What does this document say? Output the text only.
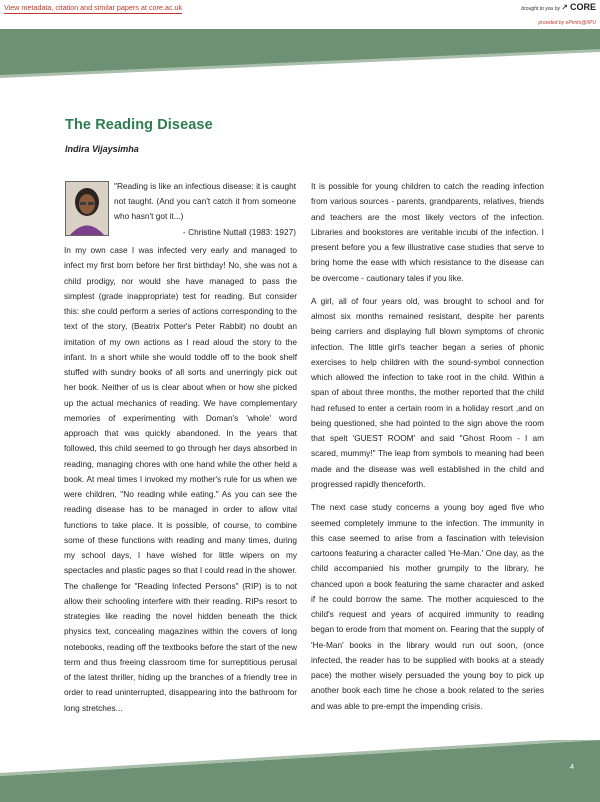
View metadata, citation and similar papers at core.ac.uk	brought to you by ↗ CORE
provided by ePrints@IIPU
The Reading Disease
Indira Vijaysimha

"Reading is like an infectious disease: it is caught not taught. (And you can't catch it from someone who hasn't got it...)

- Christine Nuttall (1983: 1927)

In my own case I was infected very early and managed to infect my first born before her first birthday! No, she was not a child prodigy, nor would she have managed to pass the simplest (grade inappropriate) test for reading. But consider this: she could perform a series of actions corresponding to the text of the story, (Beatrix Potter's Peter Rabbit) no doubt an imitation of my own actions as I read aloud the story to the infant. In a short while she would toddle off to the book shelf stuffed with sundry books of all sorts and unerringly pick out her book. Neither of us is clear about when or how she picked up the actual mechanics of reading. We have complementary memories of experimenting with Doman's 'whole' word approach that was quickly abandoned. In the years that followed, this child seemed to go through her days absorbed in reading, managing chores with one hand while the other held a book. At meal times I invoked my mother's rule for us when we were children, "No reading while eating." As you can see the reading disease has to be managed in order to allow vital functions to take place. It is possible, of course, to combine some of these functions with reading and many times, during my school days, I have wished for little wipers on my spectacles and plastic pages so that I could read in the shower. The challenge for "Reading Infected Persons" (RIP) is to not allow their schooling interfere with their reading. RIPs resort to strategies like reading the novel hidden beneath the thick physics text, concealing magazines within the covers of long notebooks, reading off the textbooks before the start of the new term and thus freeing classroom time for surreptitious perusal of the latest thriller, hiding up the branches of a friendly tree in order to read uninterrupted, disappearing into the bathroom for long stretches...

It is possible for young children to catch the reading infection from various sources - parents, grandparents, relatives, friends and teachers are the most likely vectors of the infection. Libraries and bookstores are veritable incubi of the infection. I present before you a few illustrative case studies that serve to bring home the ease with which resistance to the disease can be overcome - cautionary tales if you like.

A girl, all of four years old, was brought to school and for almost six months remained resistant, despite her parents being carriers and displaying full blown symptoms of chronic infection. The little girl's teacher began a series of phonic exercises to help children with the sound-symbol connection which allowed the infection to take root in the child. Within a span of about three months, the mother reported that the child had refused to enter a certain room in a holiday resort ,and on being questioned, she had pointed to the sign above the room that spelt 'GUEST ROOM' and said "Ghost Room - I am scared, mummy!" The leap from symbols to meaning had been made and the disease was well established in the child and progressed rapidly thenceforth.

The next case study concerns a young boy aged five who seemed completely immune to the infection. The immunity in this case seemed to arise from a fascination with television cartoons featuring a character called 'He-Man.' One day, as the child accompanied his mother grumpily to the library, he chanced upon a book featuring the same character and asked if he could borrow the same. The mother acquiesced to the child's request and years of acquired immunity to reading began to erode from that moment on. Fearing that the supply of 'He-Man' books in the library would run out soon, (once infected, the reader has to be supplied with books at a steady pace) the mother wisely persuaded the young boy to pick up another book each time he chose a book related to the series and was able to pre-empt the impending crisis.

4
